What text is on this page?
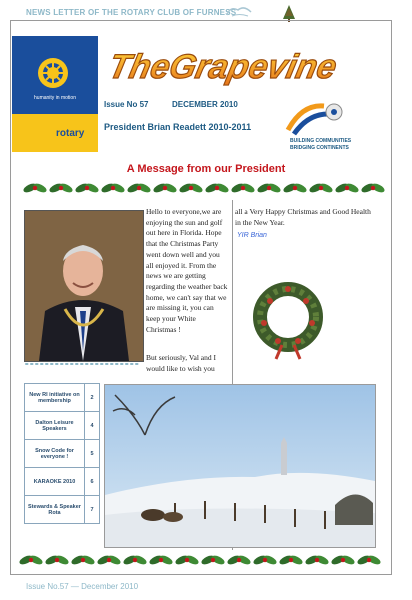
NEWS LETTER OF THE ROTARY CLUB OF FURNESS
humanity in motion
rotary
TheGrapevine
Issue No 57	DECEMBER 2010
President Brian Readett 2010-2011
BUILDING COMMUNITIES
BRIDGING CONTINENTS
A Message from our President
Hello to everyone,we are enjoying the sun and golf out here in Florida. Hope that the Christmas Party went down well and you all enjoyed it. From the news we are getting regarding the weather back home, we can't say that we are missing it, you can keep your White Christmas !
But seriously, Val and I would like to wish you
all a Very Happy Christmas and Good Health in the New Year.
YIR Brian
New RI initiative on membership	2
Dalton Leisure Speakers	4
Snow Code for everyone !	5
KARAOKE 2010	6
Stewards & Speaker Rota	7
Issue No.57 — December 2010
